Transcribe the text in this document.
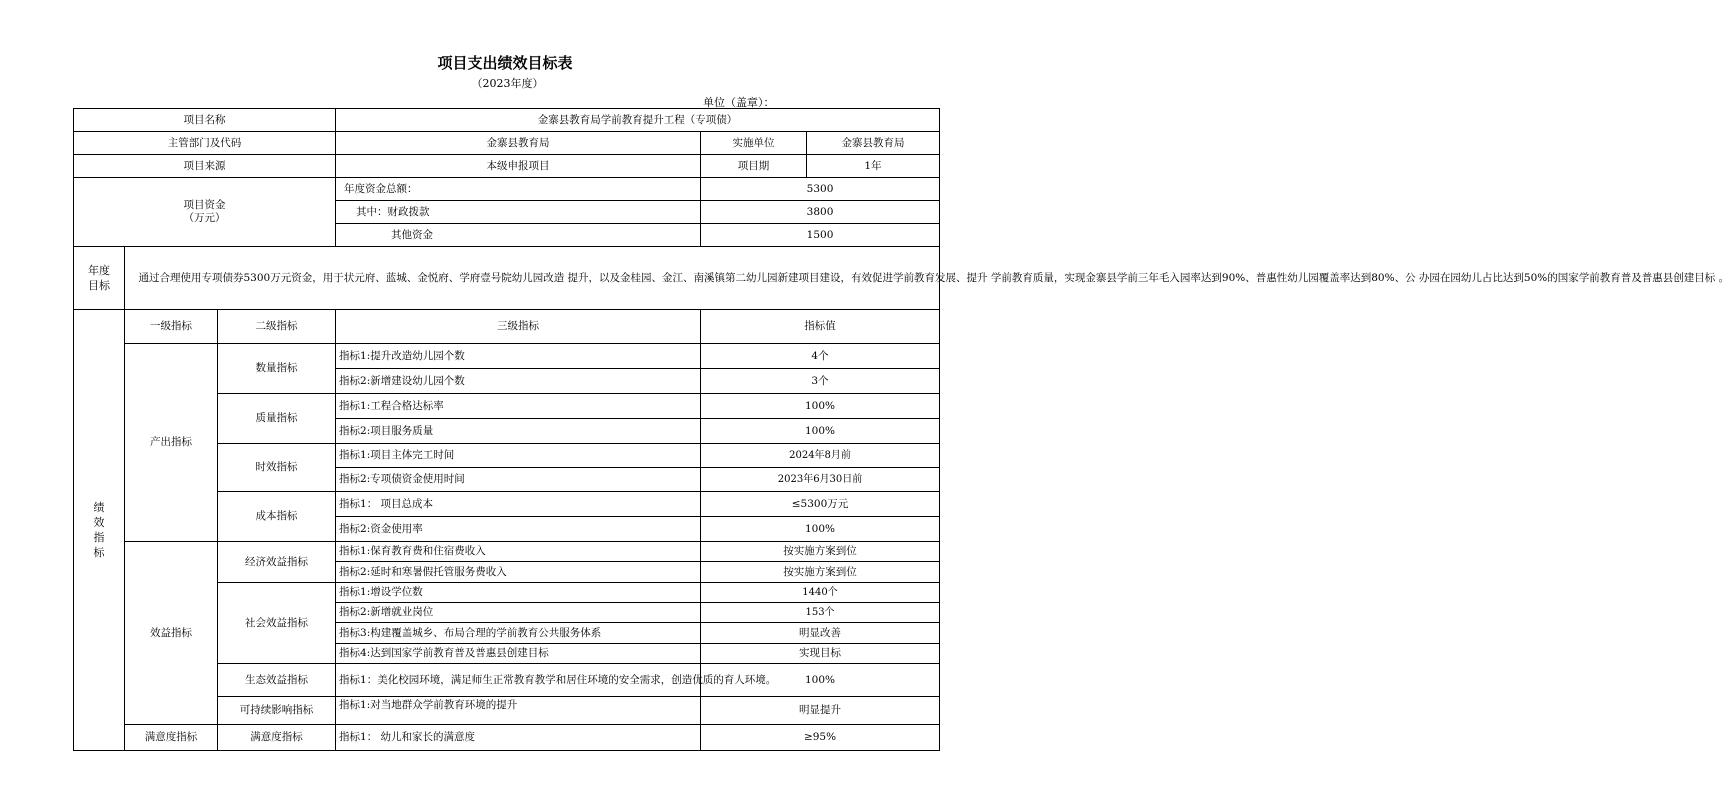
项目支出绩效目标表
（2023年度）
单位（盖章）：
项目名称			金寨县教育局学前教育提升工程（专项债）		
主管部门及代码			金寨县教育局	实施单位	金寨县教育局
项目来源			本级申报项目	项目期	1年
项目资金
（万元）			年度资金总额：	5300	
			其中：财政拨款	3800	
			其他资金	1500	
年度
目标	　通过合理使用专项债券5300万元资金，用于状元府、蓝城、金悦府、学府壹号院幼儿园改造 提升，以及金桂园、金江、南溪镇第二幼儿园新建项目建设，有效促进学前教育发展、提升 学前教育质量，实现金寨县学前三年毛入园率达到90%、普惠性幼儿园覆盖率达到80%、公 办园在园幼儿占比达到50%的国家学前教育普及普惠县创建目标 。				
绩
效
指
标	一级指标	二级指标	三级指标	指标值	
	产出指标	数量指标	指标1:提升改造幼儿园个数	4个	
			指标2:新增建设幼儿园个数	3个	
		质量指标	指标1:工程合格达标率	100%	
			指标2:项目服务质量	100%	
		时效指标	指标1:项目主体完工时间	2024年8月前	
			指标2:专项债资金使用时间	2023年6月30日前	
		成本指标	指标1： 项目总成本	≤5300万元	
			指标2:资金使用率	100%	
	效益指标	经济效益指标	指标1:保育教育费和住宿费收入	按实施方案到位	
			指标2:延时和寒暑假托管服务费收入	按实施方案到位	
		社会效益指标	指标1:增设学位数	1440个	
			指标2:新增就业岗位	153个	
			指标3:构建覆盖城乡、布局合理的学前教育公共服务体系	明显改善	
			指标4:达到国家学前教育普及普惠县创建目标	实现目标	
		生态效益指标	指标1：美化校园环境，满足师生正常教育教学和居住环境的安全需求，创造优质的育人环境。	100%	
		可持续影响指标	指标1:对当地群众学前教育环境的提升	明显提升	
	满意度指标	满意度指标	指标1： 幼儿和家长的满意度	≥95%	
